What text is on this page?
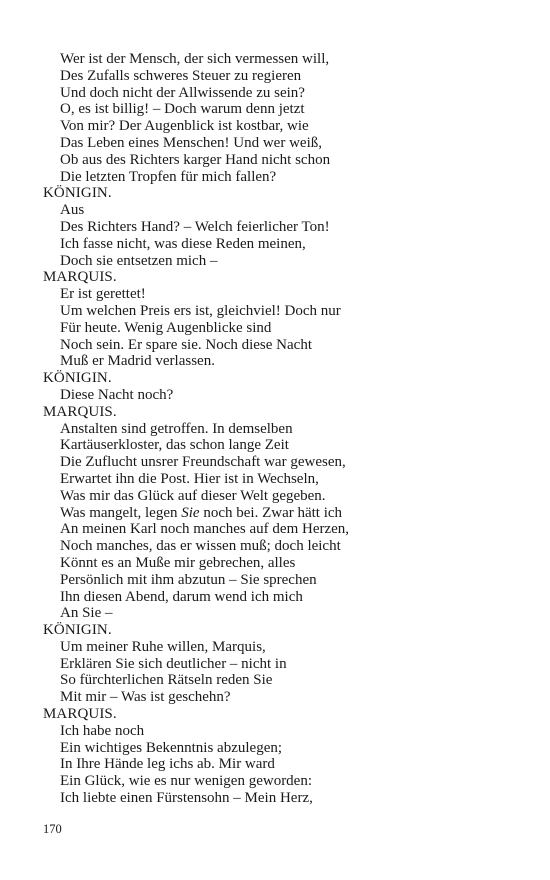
Wer ist der Mensch, der sich vermessen will,
Des Zufalls schweres Steuer zu regieren
Und doch nicht der Allwissende zu sein?
O, es ist billig! – Doch warum denn jetzt
Von mir? Der Augenblick ist kostbar, wie
Das Leben eines Menschen! Und wer weiß,
Ob aus des Richters karger Hand nicht schon
Die letzten Tropfen für mich fallen?
KÖNIGIN.
Aus
Des Richters Hand? – Welch feierlicher Ton!
Ich fasse nicht, was diese Reden meinen,
Doch sie entsetzen mich –
MARQUIS.
Er ist gerettet!
Um welchen Preis ers ist, gleichviel! Doch nur
Für heute. Wenig Augenblicke sind
Noch sein. Er spare sie. Noch diese Nacht
Muß er Madrid verlassen.
KÖNIGIN.
Diese Nacht noch?
MARQUIS.
Anstalten sind getroffen. In demselben
Kartäuserkloster, das schon lange Zeit
Die Zuflucht unsrer Freundschaft war gewesen,
Erwartet ihn die Post. Hier ist in Wechseln,
Was mir das Glück auf dieser Welt gegeben.
Was mangelt, legen Sie noch bei. Zwar hätt ich
An meinen Karl noch manches auf dem Herzen,
Noch manches, das er wissen muß; doch leicht
Könnt es an Muße mir gebrechen, alles
Persönlich mit ihm abzutun – Sie sprechen
Ihn diesen Abend, darum wend ich mich
An Sie –
KÖNIGIN.
Um meiner Ruhe willen, Marquis,
Erklären Sie sich deutlicher – nicht in
So fürchterlichen Rätseln reden Sie
Mit mir – Was ist geschehn?
MARQUIS.
Ich habe noch
Ein wichtiges Bekenntnis abzulegen;
In Ihre Hände leg ichs ab. Mir ward
Ein Glück, wie es nur wenigen geworden:
Ich liebte einen Fürstensohn – Mein Herz,
170
